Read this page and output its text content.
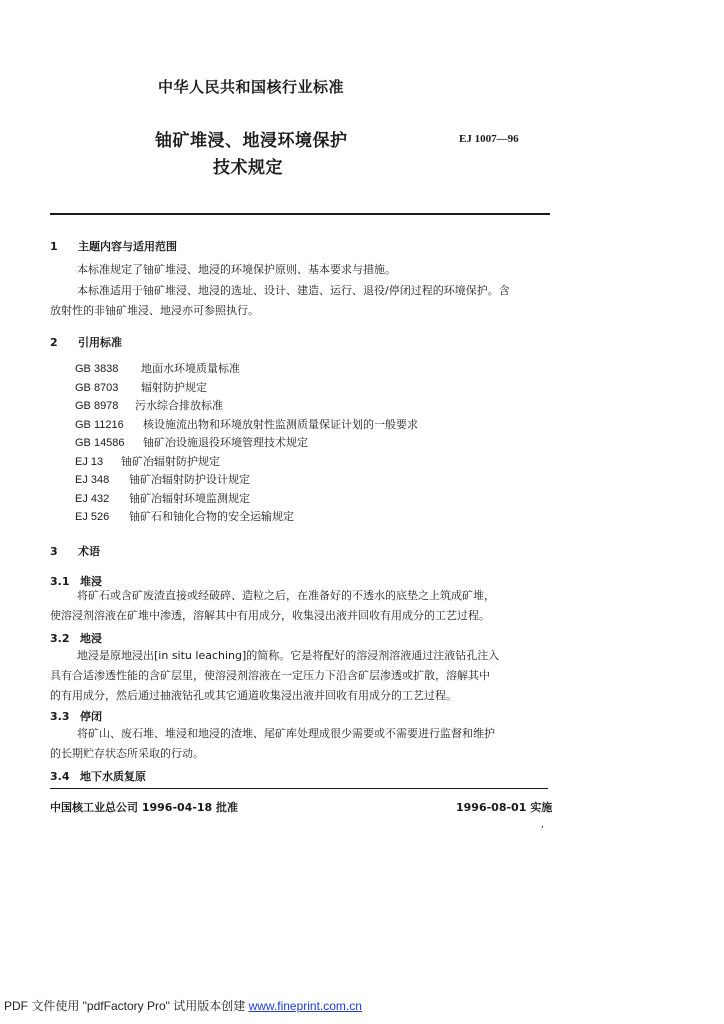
中华人民共和国核行业标准
铀矿堆浸、地浸环境保护
技术规定
EJ 1007—96
1 主题内容与适用范围
本标准规定了铀矿堆浸、地浸的环境保护原则、基本要求与措施。
本标准适用于铀矿堆浸、地浸的选址、设计、建造、运行、退役/停闭过程的环境保护。含
放射性的非铀矿堆浸、地浸亦可参照执行。
2 引用标准
GB 3838 地面水环境质量标准
GB 8703 辐射防护规定
GB 8978 污水综合排放标准
GB 11216 核设施流出物和环境放射性监测质量保证计划的一般要求
GB 14586 铀矿冶设施退役环境管理技术规定
EJ 13 铀矿冶辐射防护规定
EJ 348 铀矿冶辐射防护设计规定
EJ 432 铀矿冶辐射环境监测规定
EJ 526 铀矿石和铀化合物的安全运输规定
3 术语
3.1 堆浸
将矿石或含矿废渣直接或经破碎、造粒之后，在准备好的不透水的底垫之上筑成矿堆，
使溶浸剂溶液在矿堆中渗透，溶解其中有用成分，收集浸出液并回收有用成分的工艺过程。
3.2 地浸
地浸是原地浸出[in situ leaching]的简称。它是将配好的溶浸剂溶液通过注液钻孔注入
具有合适渗透性能的含矿层里，使溶浸剂溶液在一定压力下沿含矿层渗透或扩散，溶解其中
的有用成分，然后通过抽液钻孔或其它通道收集浸出液并回收有用成分的工艺过程。
3.3 停闭
将矿山、废石堆、堆浸和地浸的渣堆、尾矿库处理成很少需要或不需要进行监督和维护
的长期贮存状态所采取的行动。
3.4 地下水质复原
中国核工业总公司 1996-04-18 批准	1996-08-01 实施
,
PDF 文件使用 "pdfFactory Pro" 试用版本创建 www.fineprint.com.cn
